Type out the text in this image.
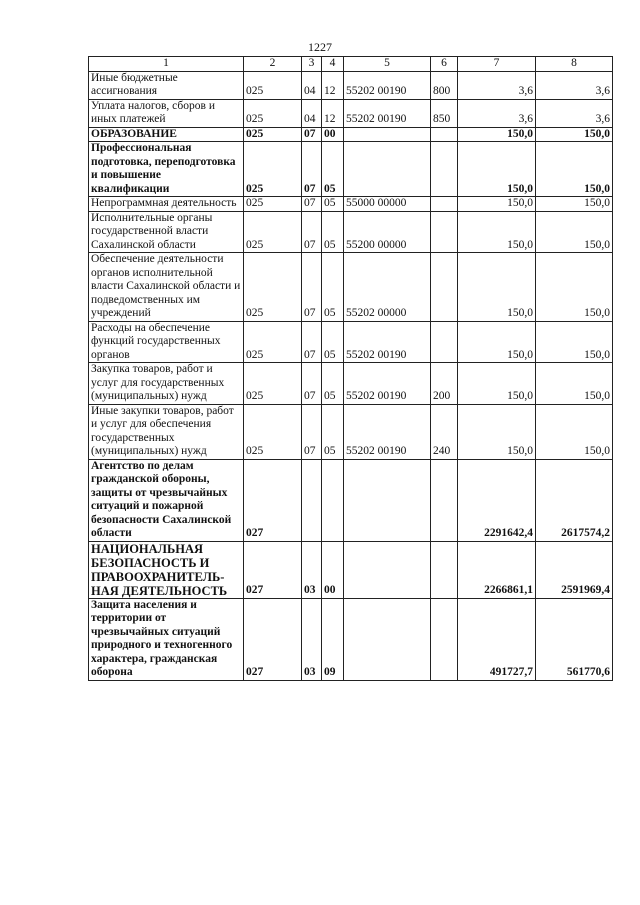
1227
1	2	3	4	5	6	7	8
Иные бюджетные ассигнования	025	04	12	55202 00190	800	3,6	3,6
Уплата налогов, сборов и иных платежей	025	04	12	55202 00190	850	3,6	3,6
ОБРАЗОВАНИЕ	025	07	00			150,0	150,0
Профессиональная подготовка, переподготовка и повышение квалификации	025	07	05			150,0	150,0
Непрограммная деятельность	025	07	05	55000 00000		150,0	150,0
Исполнительные органы государственной власти Сахалинской области	025	07	05	55200 00000		150,0	150,0
Обеспечение деятельности органов исполнительной власти Сахалинской области и подведомственных им учреждений	025	07	05	55202 00000		150,0	150,0
Расходы на обеспечение функций государственных органов	025	07	05	55202 00190		150,0	150,0
Закупка товаров, работ и услуг для государственных (муниципальных) нужд	025	07	05	55202 00190	200	150,0	150,0
Иные закупки товаров, работ и услуг для обеспечения государственных (муниципальных) нужд	025	07	05	55202 00190	240	150,0	150,0
Агентство по делам гражданской обороны, защиты от чрезвычайных ситуаций и пожарной безопасности Сахалинской области	027					2291642,4	2617574,2
НАЦИОНАЛЬНАЯ БЕЗОПАСНОСТЬ И ПРАВООХРАНИТЕЛЬ-НАЯ ДЕЯТЕЛЬНОСТЬ	027	03	00			2266861,1	2591969,4
Защита населения и территории от чрезвычайных ситуаций природного и техногенного характера, гражданская оборона	027	03	09			491727,7	561770,6
